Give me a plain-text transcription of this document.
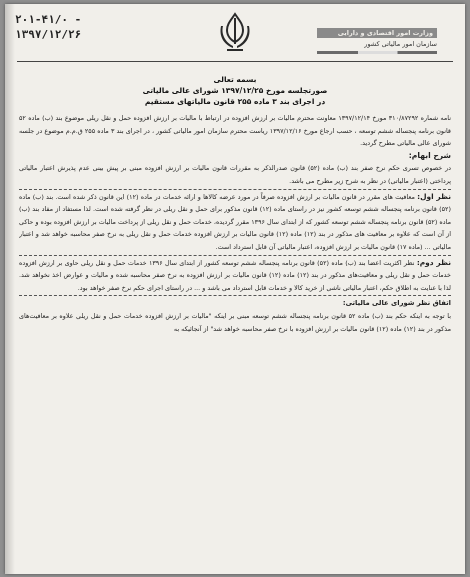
۲۰۱-۴۱/۰ -
۱۳۹۷/۱۲/۲۶	وزارت امور اقتصادی و دارایی
سازمان امور مالیاتی کشور
بسمه تعالی
صورتجلسه مورخ ۱۳۹۷/۱۲/۲۵ شورای عالی مالیاتی
در اجرای بند ۳ ماده ۲۵۵ قانون مالیاتهای مستقیم

نامه شماره ۳۱۰/۸۷۲۹۲ مورخ ۱۳۹۷/۱۲/۱۴ معاونت محترم مالیات بر ارزش افزوده در ارتباط با مالیات بر ارزش افزوده حمل و نقل ریلی موضوع بند (ب) ماده ۵۲ قانون برنامه پنجساله ششم توسعه ، حسب ارجاع مورخ ۱۳۹۷/۱۲/۱۶ ریاست محترم سازمان امور مالیاتی کشور ، در اجرای بند ۳ ماده ۲۵۵ ق.م.م موضوع در جلسه شورای عالی مالیاتی مطرح گردید.

شرح ابهام:

در خصوص تسری حکم نرخ صفر بند (ب) ماده (۵۲) قانون صدرالذکر به مقررات قانون مالیات بر ارزش افزوده مبنی بر پیش بینی عدم پذیرش اعتبار مالیاتی پرداختی (اعتبار مالیاتی) در نظر به شرح زیر مطرح می باشد.

نظر اول: معافیت های مقرر در قانون مالیات بر ارزش افزوده صرفاً در مورد عرضه کالاها و ارائه خدمات در ماده (۱۲) این قانون ذکر شده است. بند (ب) ماده (۵۲) قانون برنامه پنجساله ششم توسعه کشور نیز در راستای ماده (۱۲) قانون مذکور برای حمل و نقل ریلی در نظر گرفته شده است. لذا مستفاد از مفاد بند (ب) ماده (۵۲) قانون برنامه پنجساله ششم توسعه کشور که از ابتدای سال ۱۳۹۶ مقرر گردیده، خدمات حمل و نقل ریلی از پرداخت مالیات بر ارزش افزوده بوده و حاکی از آن است که علاوه بر معافیت های مذکور در بند (۱۲) ماده (۱۲) قانون مالیات بر ارزش افزوده خدمات حمل و نقل ریلی به نرخ صفر محاسبه خواهد شد و اعتبار مالیاتی ... (ماده ۱۷) قانون مالیات بر ارزش افزوده، اعتبار مالیاتی آن قابل استرداد است.

نظر دوم: نظر اکثریت اعضا بند (ب) ماده (۵۲) قانون برنامه پنجساله ششم توسعه کشور از ابتدای سال ۱۳۹۶ خدمات حمل و نقل ریلی حاوی بر ارزش افزوده خدمات حمل و نقل ریلی و معافیت‌های مذکور در بند (۱۲) ماده (۱۲) قانون مالیات بر ارزش افزوده به نرخ صفر محاسبه شده و مالیات و عوارض اخذ نخواهد شد. لذا با عنایت به اطلاق حکم، اعتبار مالیاتی ناشی از خرید کالا و خدمات قابل استرداد می باشد و ... در راستای اجرای حکم نرخ صفر خواهد بود.

اتفاق نظر شورای عالی مالیاتی:

با توجه به اینکه حکم بند (ب) ماده ۵۲ قانون برنامه پنجساله ششم توسعه مبنی بر اینکه "مالیات بر ارزش افزوده خدمات حمل و نقل ریلی علاوه بر معافیت‌های مذکور در بند (۱۲) ماده (۱۲) قانون مالیات بر ارزش افزوده با نرخ صفر محاسبه خواهد شد" از آنجائیکه به
